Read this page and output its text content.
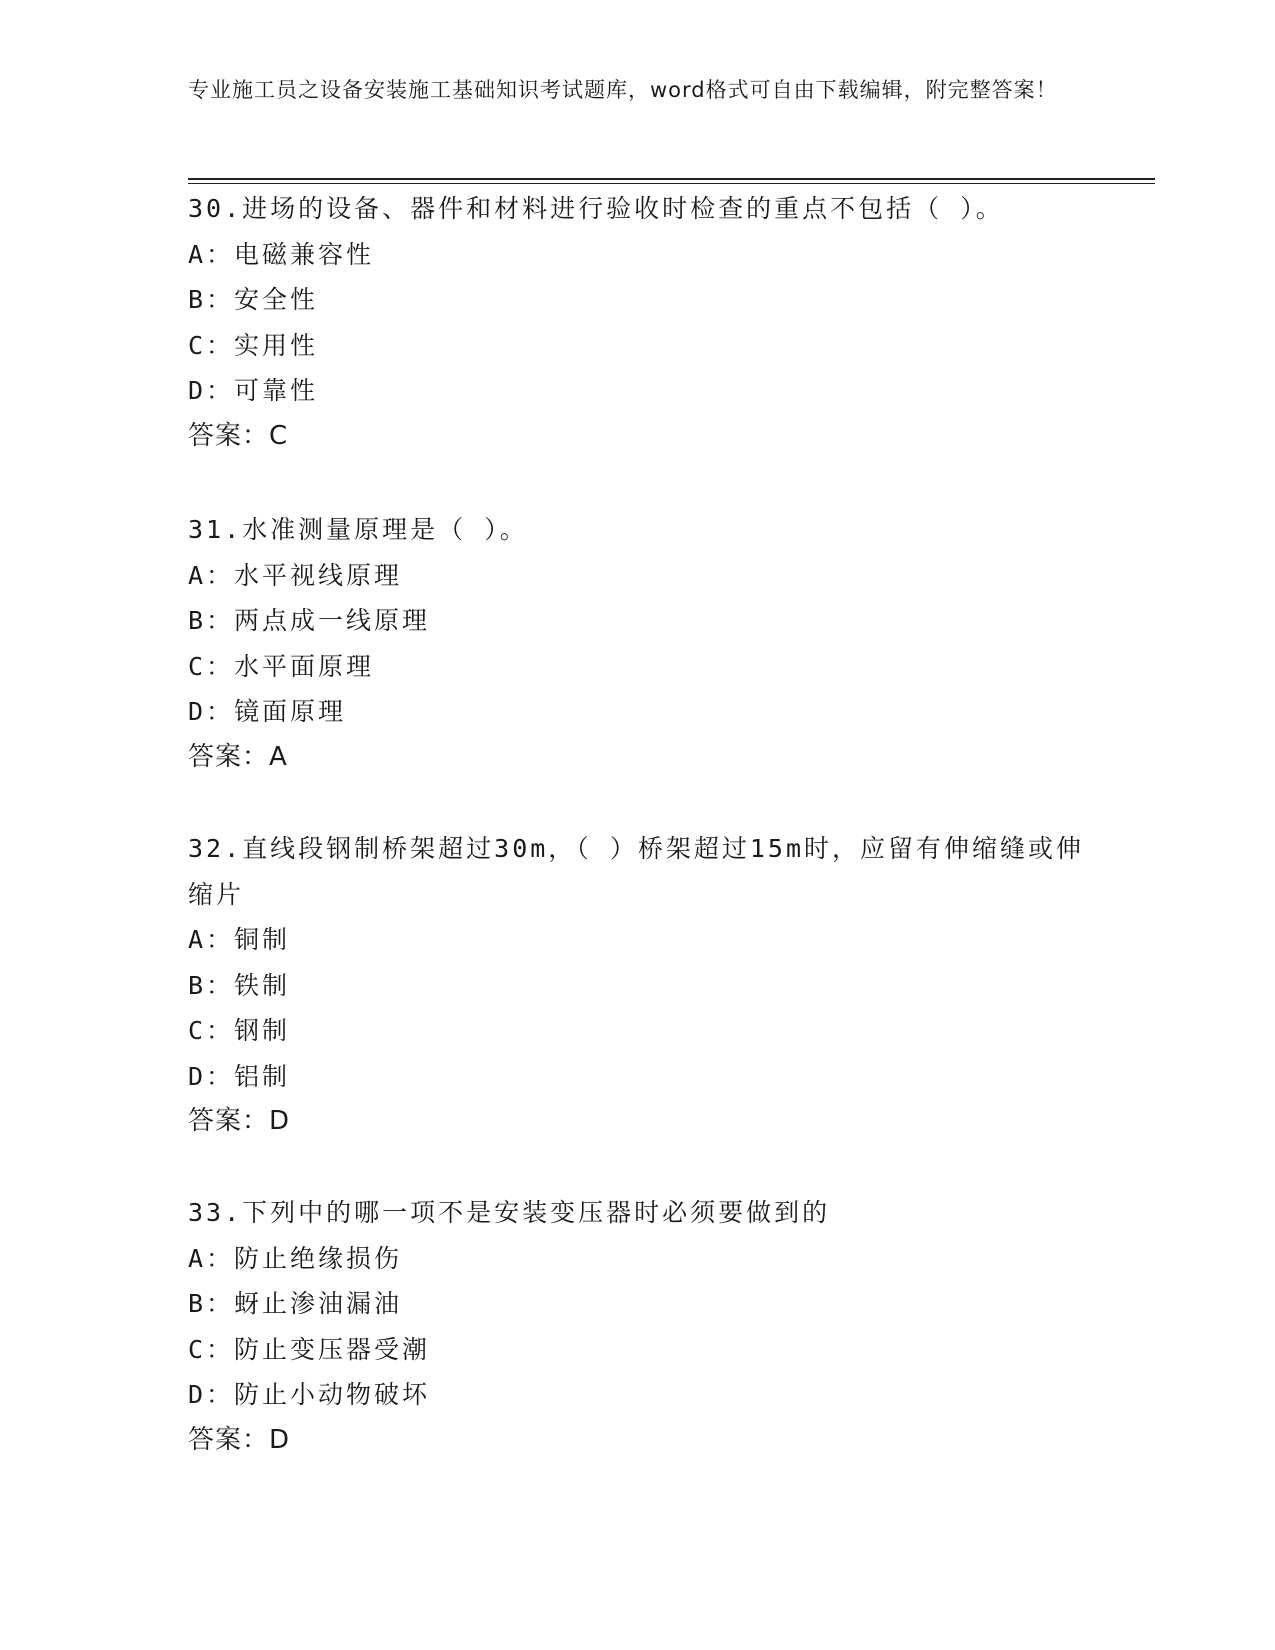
专业施工员之设备安装施工基础知识考试题库，word格式可自由下载编辑，附完整答案！
30.进场的设备、器件和材料进行验收时检查的重点不包括（ ）。
A：电磁兼容性
B：安全性
C：实用性
D：可靠性
答案：C
31.水准测量原理是（ ）。
A：水平视线原理
B：两点成一线原理
C：水平面原理
D：镜面原理
答案：A
32.直线段钢制桥架超过30m，（ ）桥架超过15m时，应留有伸缩缝或伸缩片
A：铜制
B：铁制
C：钢制
D：铝制
答案：D
33.下列中的哪一项不是安装变压器时必须要做到的
A：防止绝缘损伤
B：蚜止渗油漏油
C：防止变压器受潮
D：防止小动物破坏
答案：D
